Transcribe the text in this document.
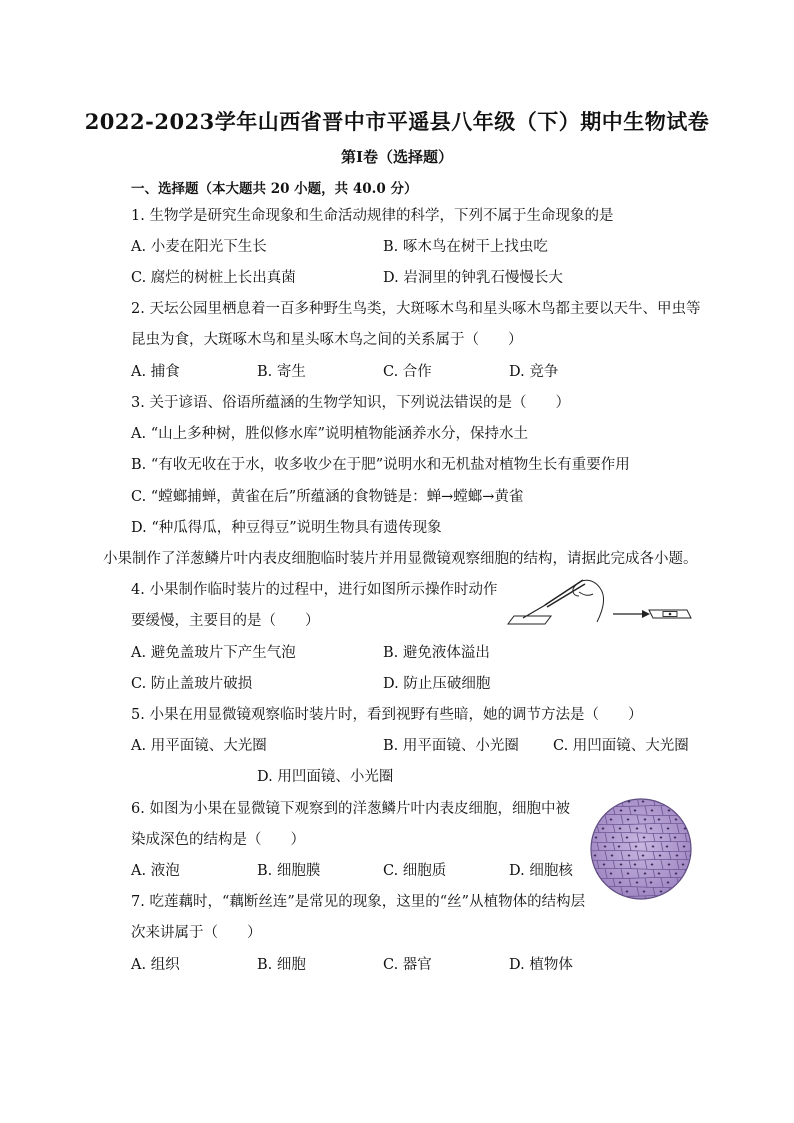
2022-2023学年山西省晋中市平遥县八年级（下）期中生物试卷
第Ⅰ卷（选择题）
一、选择题（本大题共 20 小题，共 40.0 分）
1. 生物学是研究生命现象和生命活动规律的科学，下列不属于生命现象的是
A. 小麦在阳光下生长	B. 啄木鸟在树干上找虫吃
C. 腐烂的树桩上长出真菌	D. 岩洞里的钟乳石慢慢长大
2. 天坛公园里栖息着一百多种野生鸟类，大斑啄木鸟和星头啄木鸟都主要以天牛、甲虫等
昆虫为食，大斑啄木鸟和星头啄木鸟之间的关系属于（　　）
A. 捕食	B. 寄生	C. 合作	D. 竞争
3. 关于谚语、俗语所蕴涵的生物学知识，下列说法错误的是（　　）
A. “山上多种树，胜似修水库”说明植物能涵养水分，保持水土
B. “有收无收在于水，收多收少在于肥”说明水和无机盐对植物生长有重要作用
C. “螳螂捕蝉，黄雀在后”所蕴涵的食物链是：蝉→螳螂→黄雀
D. “种瓜得瓜，种豆得豆”说明生物具有遗传现象
小果制作了洋葱鳞片叶内表皮细胞临时装片并用显微镜观察细胞的结构，请据此完成各小题。
4. 小果制作临时装片的过程中，进行如图所示操作时动作
要缓慢，主要目的是（　　）
A. 避免盖玻片下产生气泡	B. 避免液体溢出
C. 防止盖玻片破损	D. 防止压破细胞
5. 小果在用显微镜观察临时装片时，看到视野有些暗，她的调节方法是（　　）
A. 用平面镜、大光圈	B. 用平面镜、小光圈 C. 用凹面镜、大光圈
D. 用凹面镜、小光圈
6. 如图为小果在显微镜下观察到的洋葱鳞片叶内表皮细胞，细胞中被
染成深色的结构是（　　）
A. 液泡	B. 细胞膜	C. 细胞质	D. 细胞核
7. 吃莲藕时，“藕断丝连”是常见的现象，这里的“丝”从植物体的结构层
次来讲属于（　　）
A. 组织	B. 细胞	C. 器官	D. 植物体
